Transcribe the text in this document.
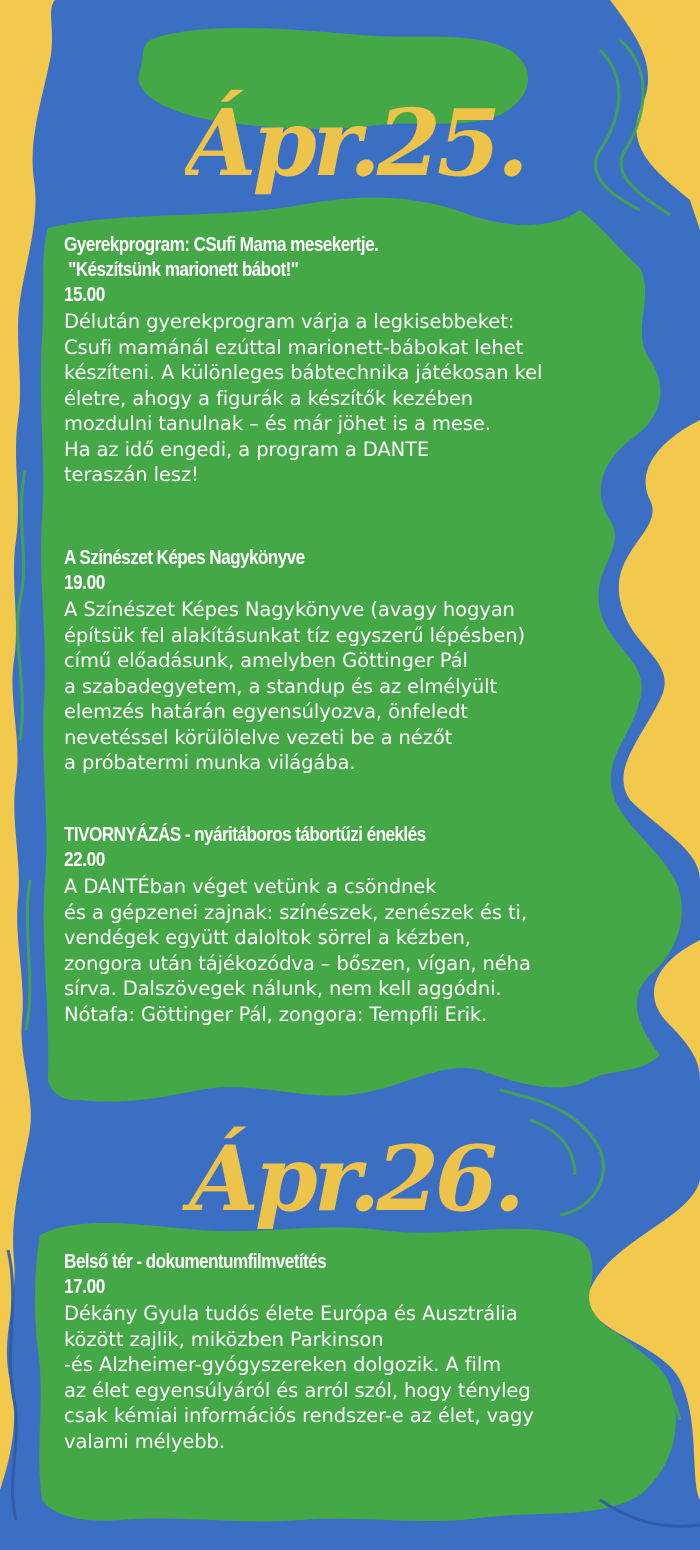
Ápr.25.
Gyerekprogram: CSufi Mama mesekertje.
"Készítsünk marionett bábot!"
15.00
Délután gyerekprogram várja a legkisebbeket:
Csufi mamánál ezúttal marionett-bábokat lehet
készíteni. A különleges bábtechnika játékosan kel
életre, ahogy a figurák a készítők kezében
mozdulni tanulnak – és már jöhet is a mese.
Ha az idő engedi, a program a DANTE
teraszán lesz!
A Színészet Képes Nagykönyve
19.00
A Színészet Képes Nagykönyve (avagy hogyan
építsük fel alakításunkat tíz egyszerű lépésben)
című előadásunk, amelyben Göttinger Pál
a szabadegyetem, a standup és az elmélyült
elemzés határán egyensúlyozva, önfeledt
nevetéssel körülölelve vezeti be a nézőt
a próbatermi munka világába.
TIVORNYÁZÁS - nyáritáboros tábortűzi éneklés
22.00
A DANTÉban véget vetünk a csöndnek
és a gépzenei zajnak: színészek, zenészek és ti,
vendégek együtt daloltok sörrel a kézben,
zongora után tájékozódva – bőszen, vígan, néha
sírva. Dalszövegek nálunk, nem kell aggódni.
Nótafa: Göttinger Pál, zongora: Tempfli Erik.
Ápr.26.
Belső tér - dokumentumfilmvetítés
17.00
Dékány Gyula tudós élete Európa és Ausztrália
között zajlik, miközben Parkinson
-és Alzheimer-gyógyszereken dolgozik. A film
az élet egyensúlyáról és arról szól, hogy tényleg
csak kémiai információs rendszer-e az élet, vagy
valami mélyebb.
